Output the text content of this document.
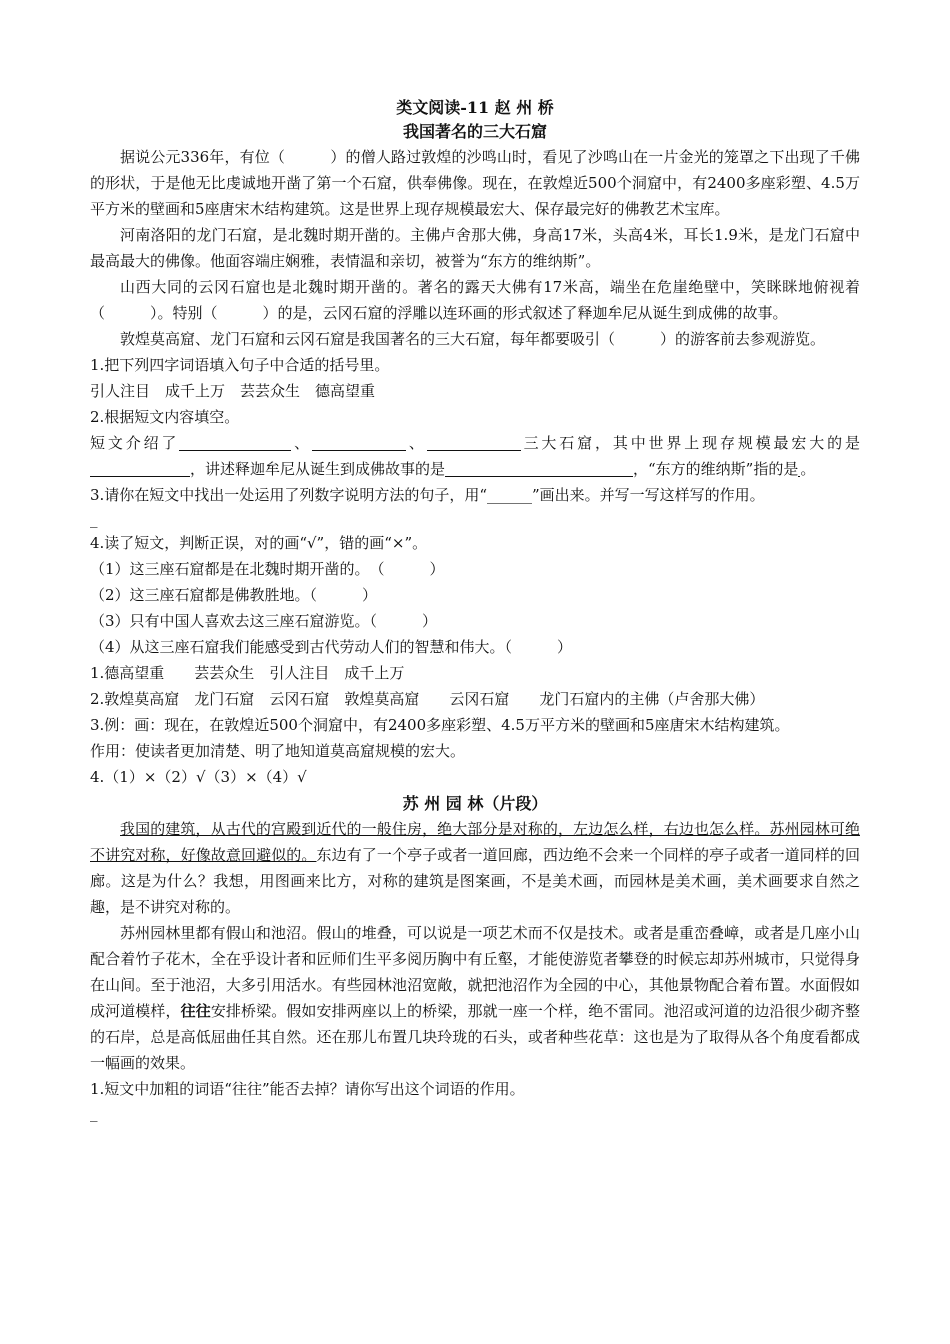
类文阅读-11 赵 州 桥

我国著名的三大石窟

据说公元336年，有位（　　　）的僧人路过敦煌的沙鸣山时，看见了沙鸣山在一片金光的笼罩之下出现了千佛的形状，于是他无比虔诚地开凿了第一个石窟，供奉佛像。现在，在敦煌近500个洞窟中，有2400多座彩塑、4.5万平方米的壁画和5座唐宋木结构建筑。这是世界上现存规模最宏大、保存最完好的佛教艺术宝库。

河南洛阳的龙门石窟，是北魏时期开凿的。主佛卢舍那大佛，身高17米，头高4米，耳长1.9米，是龙门石窟中最高最大的佛像。他面容端庄娴雅，表情温和亲切，被誉为“东方的维纳斯”。

山西大同的云冈石窟也是北魏时期开凿的。著名的露天大佛有17米高，端坐在危崖绝壁中，笑眯眯地俯视着（　　　）。特别（　　　）的是，云冈石窟的浮雕以连环画的形式叙述了释迦牟尼从诞生到成佛的故事。

敦煌莫高窟、龙门石窟和云冈石窟是我国著名的三大石窟，每年都要吸引（　　　）的游客前去参观游览。

1.把下列四字词语填入句子中合适的括号里。

引人注目　成千上万　芸芸众生　德高望重

2.根据短文内容填空。

短文介绍了	、	、	三大石窟，其中世界上现存规模最宏大的是，讲述释迦牟尼从诞生到成佛故事的是	，“东方的维纳斯”指的是 。

3.请你在短文中找出一处运用了列数字说明方法的句子，用“______”画出来。并写一写这样写的作用。

_

4.读了短文，判断正误，对的画“√”，错的画“×”。

（1）这三座石窟都是在北魏时期开凿的。　（　　　）

（2）这三座石窟都是佛教胜地。（　　　）

（3）只有中国人喜欢去这三座石窟游览。（　　　）

（4）从这三座石窟我们能感受到古代劳动人们的智慧和伟大。（　　　）

1.德高望重　　芸芸众生　引人注目　成千上万

2.敦煌莫高窟　龙门石窟　云冈石窟　敦煌莫高窟　　云冈石窟　　龙门石窟内的主佛（卢舍那大佛）

3.例：画：现在，在敦煌近500个洞窟中，有2400多座彩塑、4.5万平方米的壁画和5座唐宋木结构建筑。

作用：使读者更加清楚、明了地知道莫高窟规模的宏大。

4.（1）×（2）√（3）×（4）√

苏 州 园 林（片段）

我国的建筑，从古代的宫殿到近代的一般住房，绝大部分是对称的，左边怎么样，右边也怎么样。苏州园林可绝不讲究对称，好像故意回避似的。东边有了一个亭子或者一道回廊，西边绝不会来一个同样的亭子或者一道同样的回廊。这是为什么？我想，用图画来比方，对称的建筑是图案画，不是美术画，而园林是美术画，美术画要求自然之趣，是不讲究对称的。

苏州园林里都有假山和池沼。假山的堆叠，可以说是一项艺术而不仅是技术。或者是重峦叠嶂，或者是几座小山配合着竹子花木，全在乎设计者和匠师们生平多阅历胸中有丘壑，才能使游览者攀登的时候忘却苏州城市，只觉得身在山间。至于池沼，大多引用活水。有些园林池沼宽敞，就把池沼作为全园的中心，其他景物配合着布置。水面假如成河道模样，往往安排桥梁。假如安排两座以上的桥梁，那就一座一个样，绝不雷同。池沼或河道的边沿很少砌齐整的石岸，总是高低屈曲任其自然。还在那儿布置几块玲珑的石头，或者种些花草：这也是为了取得从各个角度看都成一幅画的效果。

1.短文中加粗的词语“往往”能否去掉？请你写出这个词语的作用。

_
